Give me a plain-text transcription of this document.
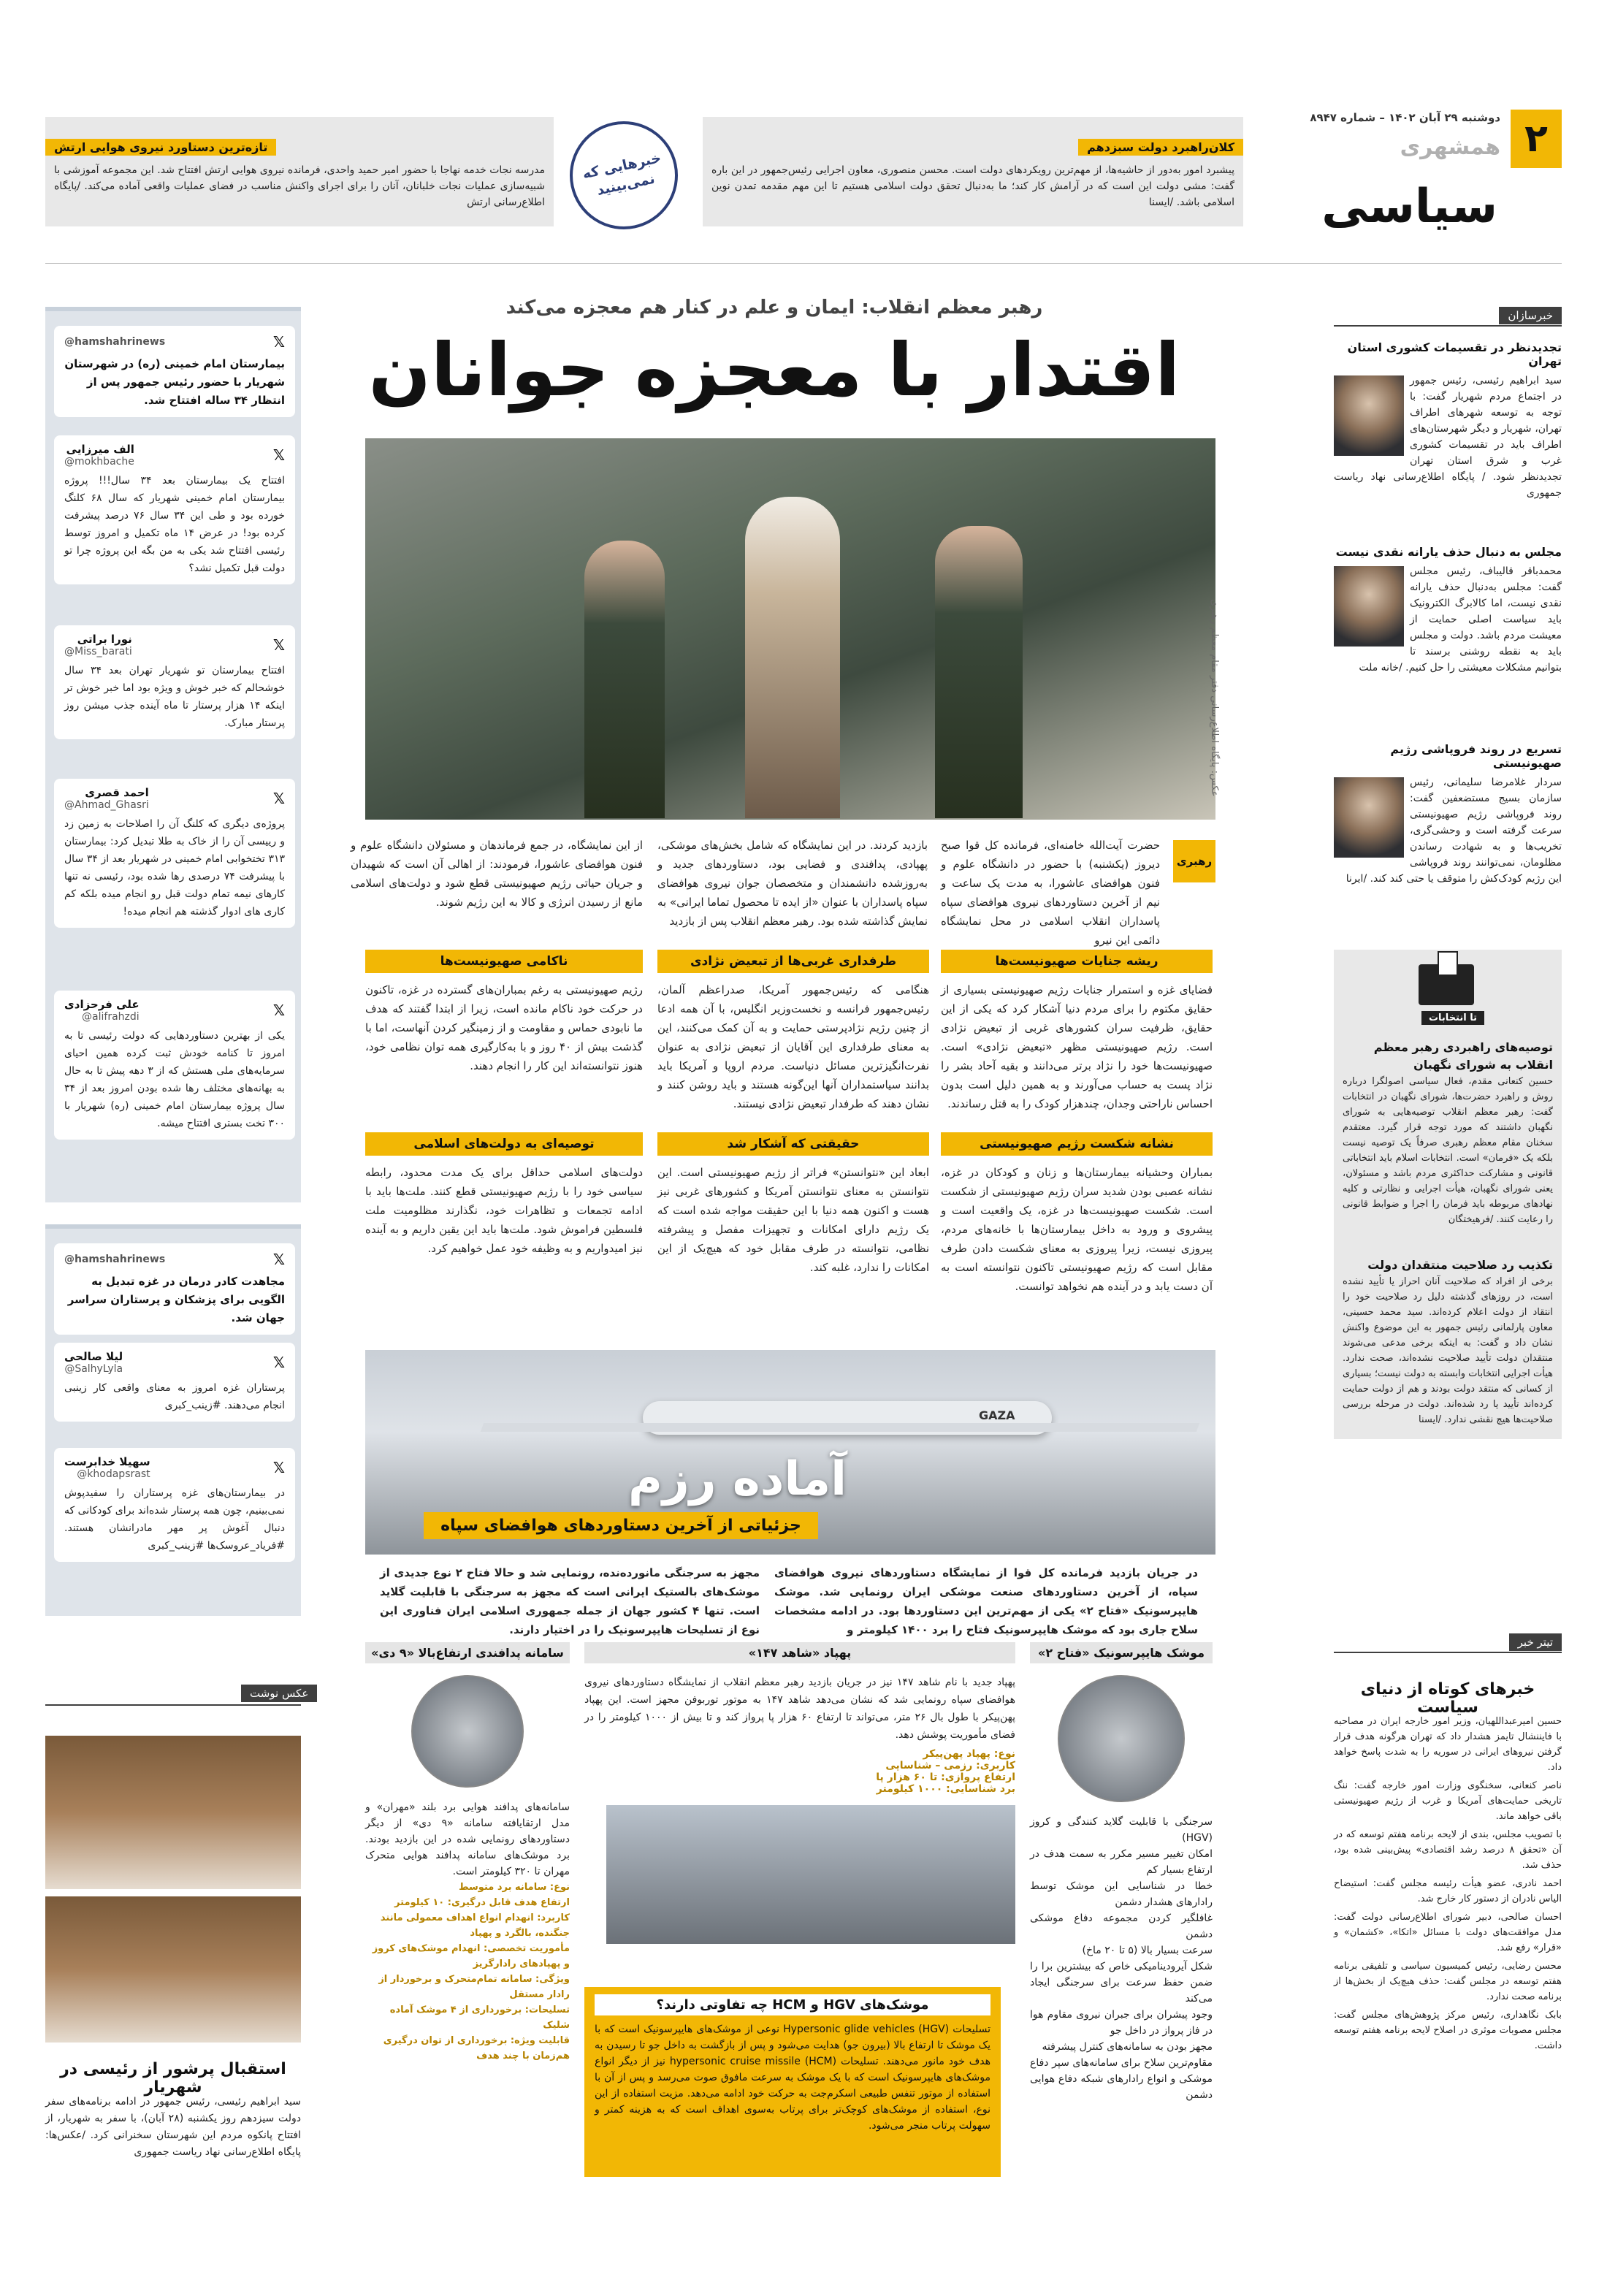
۲
دوشنبه ۲۹ آبان ۱۴۰۲ – شماره ۸۹۴۷
همشهری
سیاسی
کلان‌راهبرد دولت سبزدهم
پیشبرد امور به‌دور از حاشیه‌ها، از مهم‌ترین رویکردهای دولت است. محسن منصوری، معاون اجرایی رئیس‌جمهور در این باره گفت: مشی دولت این است که در آرامش کار کند؛ ما به‌دنبال تحقق دولت اسلامی هستیم تا این مهم مقدمه تمدن نوین اسلامی باشد. /ایسنا
خبرهایی که نمی‌بینید
تازه‌ترین دستاورد نیروی هوایی ارتش
مدرسه نجات خدمه نهاجا با حضور امیر حمید واحدی، فرمانده نیروی هوایی ارتش افتتاح شد. این مجموعه آموزشی با شبیه‌سازی عملیات نجات خلبانان، آنان را برای اجرای واکنش مناسب در فضای عملیات واقعی آماده می‌کند. /پایگاه اطلاع‌رسانی ارتش
رهبر معظم انقلاب: ایمان و علم در کنار هم معجزه می‌کند
اقتدار با معجزه جوانان
عکس: پایگاه اطلاع‌رسانی دفتر مقام معظم رهبری
رهبری
حضرت آیت‌الله خامنه‌ای، فرمانده کل قوا صبح دیروز (یکشنبه) با حضور در دانشگاه علوم و فنون هوافضای عاشورا، به مدت یک ساعت و نیم از آخرین دستاوردهای نیروی هوافضای سپاه پاسداران انقلاب اسلامی در محل نمایشگاه دائمی این نیرو
بازدید کردند. در این نمایشگاه که شامل بخش‌های موشکی، پهپادی، پدافندی و فضایی بود، دستاوردهای جدید و به‌روزشده دانشمندان و متخصصان جوان نیروی هوافضای سپاه پاسداران با عنوان «از ایده تا محصول تماما ایرانی» به نمایش گذاشته شده بود. رهبر معظم انقلاب پس از بازدید
از این نمایشگاه، در جمع فرماندهان و مسئولان دانشگاه علوم و فنون هوافضای عاشورا، فرمودند: از اهالی آن است که شهیدان و جریان حیاتی رژیم صهیونیستی قطع شود و دولت‌های اسلامی مانع از رسیدن انرژی و کالا به این رژیم شوند.
ریشه جنایات صهیونیست‌ها
قضایای غزه و استمرار جنایات رژیم صهیونیستی بسیاری از حقایق مکتوم را برای مردم دنیا آشکار کرد که یکی از این حقایق، ظرفیت سران کشورهای غربی از تبعیض نژادی است. رژیم صهیونیستی مظهر «تبعیض نژادی» است. صهیونیست‌ها خود را نژاد برتر می‌دانند و بقیه آحاد بشر را نژاد پست به حساب می‌آورند و به همین دلیل است بدون احساس ناراحتی وجدان، چندهزار کودک را به قتل رساندند.
طرفداری غربی‌ها از تبعیض نژادی
هنگامی که رئیس‌جمهور آمریکا، صدراعظم آلمان، رئیس‌جمهور فرانسه و نخست‌وزیر انگلیس، با آن همه ادعا از چنین رژیم نژادپرستی حمایت و به آن کمک می‌کنند، این به معنای طرفداری این آقایان از تبعیض نژادی به عنوان نفرت‌انگیزترین مسائل دنیاست. مردم اروپا و آمریکا باید بدانند سیاستمداران آنها این‌گونه هستند و باید روشن کنند و نشان دهند که طرفدار تبعیض نژادی نیستند.
ناکامی صهیونیست‌ها
رژیم صهیونیستی به رغم بمباران‌های گسترده در غزه، تاکنون در حرکت خود ناکام مانده است، زیرا از ابتدا گفتند که هدف ما نابودی حماس و مقاومت و از زمینگیر کردن آنهاست، اما با گذشت بیش از ۴۰ روز و با به‌کارگیری همه توان نظامی خود، هنوز نتوانسته‌اند این کار را انجام دهند.
نشانه شکست رژیم صهیونیستی
بمباران وحشیانه بیمارستان‌ها و زنان و کودکان در غزه، نشانه عصبی بودن شدید سران رژیم صهیونیستی از شکست است. شکست صهیونیست‌ها در غزه، یک واقعیت است و پیشروی و ورود به داخل بیمارستان‌ها با خانه‌های مردم، پیروزی نیست، زیرا پیروزی به معنای شکست دادن طرف مقابل است که رژیم صهیونیستی تاکنون نتوانسته است به آن دست یابد و در آینده هم نخواهد توانست.
حقیقتی که آشکار شد
ابعاد این «نتوانستن» فراتر از رژیم صهیونیستی است. این نتوانستن به معنای نتوانستن آمریکا و کشورهای غربی نیز هست و اکنون همه دنیا با این حقیقت مواجه شده است که یک رژیم دارای امکانات و تجهیزات مفصل و پیشرفته نظامی، نتوانسته در طرف مقابل خود که هیچ‌یک از این امکانات را ندارد، غلبه کند.
توصیه‌ای به دولت‌های اسلامی
دولت‌های اسلامی حداقل برای یک مدت محدود، رابطه سیاسی خود را با رژیم صهیونیستی قطع کنند. ملت‌ها باید با ادامه تجمعات و تظاهرات خود، نگذارند مظلومیت ملت فلسطین فراموش شود. ملت‌ها باید این یقین داریم و به آینده نیز امیدواریم و به وظیفه خود عمل خواهیم کرد.
GAZA
آماده رزم
جزئیاتی از آخرین دستاوردهای هوافضای سپاه
در جریان بازدید فرمانده کل قوا از نمایشگاه دستاوردهای نیروی هوافضای سپاه، از آخرین دستاوردهای صنعت موشکی ایران رونمایی شد. موشک هایپرسونیک «فتاح ۲» یکی از مهم‌ترین این دستاوردها بود. در ادامه مشخصات سلاح جاری بود که موشک هایپرسونیک فتاح را برد ۱۴۰۰ کیلومتر و
مجهز به سرجنگی مانورده‌نده، رونمایی شد و حالا فتاح ۲ نوع جدیدی از موشک‌های بالستیک ایرانی است که مجهز به سرجنگی با قابلیت گلاید است. تنها ۴ کشور جهان از جمله جمهوری اسلامی ایران فناوری این نوع از تسلیحات هایپرسونیک را در اختیار دارند.
موشک هایپرسونیک «فتاح ۲»
سرجنگی با قابلیت گلاید کنندگی و کروز (HGV)
امکان تغییر مسیر مکرر به سمت هدف در ارتفاع بسیار کم
خطا در شناسایی این موشک توسط رادارهای هشدار دشمن
غافلگیر کردن مجموعه دفاع موشکی دشمن
سرعت بسیار بالا (۵ تا ۲۰ ماخ)
شکل آیرودینامیکی خاص که بیشترین برا را ضمن حفظ سرعت برای سرجنگی ایجاد می‌کند
وجود پیشران برای جبران نیروی مقاوم هوا در فاز پرواز در داخل جو
مجهز بودن به سامانه‌های کنترل پیشرفته
مقاوم‌ترین سلاح برای سامانه‌های سپر دفاع موشکی و انواع رادارهای شبکه دفاع هوایی دشمن
پهپاد «شاهد ۱۴۷»
پهپاد جدید با نام شاهد ۱۴۷ نیز در جریان بازدید رهبر معظم انقلاب از نمایشگاه دستاوردهای نیروی هوافضای سپاه رونمایی شد که نشان می‌دهد شاهد ۱۴۷ به موتور توربوفن مجهز است. این پهپاد پهن‌پیکر با طول بال ۲۶ متر، می‌تواند تا ارتفاع ۶۰ هزار پا پرواز کند و تا بیش از ۱۰۰۰ کیلومتر را در فضای مأموریت پوشش دهد.
نوع: پهپاد پهن‌پیکر
کاربری: رزمی – شناسایی
ارتفاع پروازی: تا ۶۰ هزار پا
برد شناسایی: ۱۰۰۰ کیلومتر
سامانه پدافندی ارتفاع‌بالا «۹ دی»
سامانه‌های پدافند هوایی برد بلند «مهران» و مدل ارتقایافته سامانه «۹ دی» از دیگر دستاوردهای رونمایی شده در این بازدید بودند. برد موشک‌های سامانه پدافند هوایی متحرک مهران تا ۳۲۰ کیلومتر است.
نوع: سامانه برد متوسط
ارتفاع هدف قابل درگیری: ۱۰ کیلومتر
کاربرد: انهدام انواع اهداف معمولی مانند جنگنده، بالگرد و پهپاد
مأموریت تخصصی: انهدام موشک‌های کروز و پهپادهای رادارگریز
ویژگی: سامانه تمام‌متحرک و برخوردار از رادار مستقل
تسلیحات: برخورداری از ۴ موشک آماده شلیک
قابلیت ویژه: برخورداری از توان درگیری هم‌زمان با چند هدف
موشک‌های HGV و HCM چه تفاوتی دارند؟
تسلیحات Hypersonic glide vehicles (HGV) نوعی از موشک‌های هایپرسونیک است که با یک موشک تا ارتفاع بالا (بیرون جو) هدایت می‌شود و پس از بازگشت به داخل جو تا رسیدن به هدف خود مانور می‌دهند. تسلیحات hypersonic cruise missile (HCM) نیز از دیگر انواع موشک‌های هایپرسونیک است که با یک موشک به سرعت مافوق صوت می‌رسد و پس از آن با استفاده از موتور تنفس طبیعی اسکرم‌جت به حرکت خود ادامه می‌دهد. مزیت استفاده از این نوع، استفاده از موشک‌های کوچک‌تر برای پرتاب به‌سوی اهداف است که به هزینه کمتر و سهولت پرتاب منجر می‌شود.
خبرسازان
تجدیدنظر در تقسیمات کشوری استان تهران
سید ابراهیم رئیسی، رئیس جمهور در اجتماع مردم شهریار گفت: با توجه به توسعه شهرهای اطراف تهران، شهریار و دیگر شهرستان‌های اطراف باید در تقسیمات کشوری غرب و شرق استان تهران تجدیدنظر شود. / پایگاه اطلاع‌رسانی نهاد ریاست جمهوری
مجلس به دنبال حذف یارانه نقدی نیست
محمدباقر قالیباف، رئیس مجلس گفت: مجلس به‌دنبال حذف یارانه نقدی نیست، اما کالابرگ الکترونیک باید سیاست اصلی حمایت از معیشت مردم باشد. دولت و مجلس باید به نقطه روشنی برسند تا بتوانیم مشکلات معیشتی را حل کنیم. /خانه ملت
تسریع در روند فروپاشی رژیم صهیونیستی
سردار غلامرضا سلیمانی، رئیس سازمان بسیج مستضعفین گفت: روند فروپاشی رژیم صهیونیستی سرعت گرفته است و وحشی‌گری، تخریب‌ها و به شهادت رساندن مظلومان، نمی‌توانند روند فروپاشی این رژیم کودک‌کش را متوقف یا حتی کند کند. /ایرنا
تا انتخابات
توصیه‌های راهبردی رهبر معظم انقلاب به شورای نگهبان
حسین کنعانی مقدم، فعال سیاسی اصولگرا درباره روش و راهبرد حضرت‌ها، شورای نگهبان در انتخابات گفت: رهبر معظم انقلاب توصیه‌هایی به شورای نگهبان داشتند که مورد توجه قرار گیرد. معتقدم سخنان مقام معظم رهبری صرفاً یک توصیه نیست بلکه یک «فرمان» است. انتخابات اسلام باید انتخاباتی قانونی و مشارکت حداکثری مردم باشد و مسئولان، یعنی شورای نگهبان، هیأت اجرایی و نظارتی و کلیه نهادهای مربوطه باید فرمان را اجرا و ضوابط قانونی را رعایت کنند. /فرهیختگان
تکذیب رد صلاحیت منتقدان دولت
برخی از افراد که صلاحیت آنان احراز یا تأیید نشده است، در روزهای گذشته دلیل رد صلاحیت خود را انتقاد از دولت اعلام کرده‌اند. سید محمد حسینی، معاون پارلمانی رئیس جمهور به این موضوع واکنش نشان داد و گفت: به اینکه برخی مدعی می‌شوند منتقدان دولت تأیید صلاحیت نشده‌اند، صحت ندارد. هیأت اجرایی انتخابات وابسته به دولت نیست؛ بسیاری از کسانی که منتقد دولت بودند و هم از دولت حمایت کرده‌اند تأیید یا رد شده‌اند. دولت در مرحله بررسی صلاحیت‌ها هیچ نقشی ندارد. /ایسنا
تیتر خبر
خبرهای کوتاه از دنیای سیاست
حسین امیرعبداللهیان، وزیر امور خارجه ایران در مصاحبه با فایننشال تایمز هشدار داد که تهران هرگونه هدف قرار گرفتن نیروهای ایرانی در سوریه را به شدت پاسخ خواهد داد.
ناصر کنعانی، سخنگوی وزارت امور خارجه گفت: ننگ تاریخی حمایت‌های آمریکا و غرب از رژیم صهیونیستی باقی خواهد ماند.
با تصویب مجلس، بندی از لایحه برنامه هفتم توسعه که در آن «تحقق ۸ درصد رشد اقتصادی» پیش‌بینی شده بود، حذف شد.
احمد نادری، عضو هیأت رئیسه مجلس گفت: استیضاح الیاس نادران از دستور کار خارج شد.
احسان صالحی، دبیر شورای اطلاع‌رسانی دولت گفت: مدل موافقت‌های دولت با مسائل «اتکا»، «کشمان» و «قرار» رفع شد.
محسن رضایی، رئیس کمیسیون سیاسی و تلفیقی برنامه هفتم توسعه در مجلس گفت: حذف هیچ‌یک از بخش‌ها از برنامه صحت ندارد.
بابک نگاهداری، رئیس مرکز پژوهش‌های مجلس گفت: مجلس مصوبات موثری در اصلاح لایحه برنامه هفتم توسعه داشت.
𝕏
@hamshahrinews
بیمارستان امام خمینی (ره) در شهرستان شهریار با حضور رئیس جمهور پس از انتظار ۳۴ ساله افتتاح شد.
𝕏
الف میرزایی
@mokhbache
افتتاح یک بیمارستان بعد ۳۴ سال!!! پروژه بیمارستان امام خمینی شهریار که سال ۶۸ کلنگ خورده بود و طی این ۳۴ سال ۷۶ درصد پیشرفت کرده بود! در عرض ۱۴ ماه تکمیل و امروز توسط رئیسی افتتاح شد یکی به من بگه این پروژه چرا تو دولت قبل تکمیل نشد؟
𝕏
نورا براتی
@Miss_barati
افتتاح بیمارستان تو شهریار تهران بعد ۳۴ سال خوشحالم که خبر خوش و ویژه بود اما خبر خوش تر اینکه ۱۴ هزار پرستار تا ماه آینده جذب میشن روز پرستار مبارک.
𝕏
احمد قصری
@Ahmad_Ghasri
پروژه‌ی دیگری که کلنگ آن را اصلاحات به زمین زد و رییسی آن را از خاک به طلا تبدیل کرد: بیمارستان ۳۱۳ تختخوابی امام خمینی در شهریار بعد از ۳۴ سال با پیشرفت ۷۴ درصدی رها شده بود، رئیسی نه تنها کارهای نیمه تمام دولت قبل رو انجام میده بلکه کم کاری های ادوار گذشته هم انجام میده!
𝕏
علی فرحزادی
@alifrahzdi
یکی از بهترین دستاوردهایی که دولت رئیسی تا به امروز تا کنامه خودش ثبت کرده همین احیای سرمایه‌های ملی هستش که از ۳ دهه پیش تا به حال به بهانه‌های مختلف رها شده بودن امروز بعد از ۳۴ سال پروژه بیمارستان امام خمینی (ره) شهریار با ۳۰۰ تخت بستری افتتاح میشه.
𝕏
@hamshahrinews
مجاهدت کادر درمان در غزه تبدیل به الگویی برای پزشکان و پرستاران سراسر جهان شد.
𝕏
لیلا صالحی
@SalhyLyla
پرستاران غزه امروز به معنای واقعی کار زینبی انجام می‌دهند. #زینب_کبری
𝕏
سهیلا خدابرست
@khodapsrast
در بیمارستان‌های غزه پرستاران را سفیدپوش نمی‌بینیم، چون همه پرستار شده‌اند برای کودکانی که دنبال آغوش پر مهر مادرانشان هستند. #فریاد_عروسک‌ها #زینب_کبری
عکس نوشت
استقبال پرشور از رئیسی در شهریار
سید ابراهیم رئیسی، رئیس جمهور در ادامه برنامه‌های سفر دولت سیزدهم روز یکشنبه (۲۸ آبان)، با سفر به شهریار، از افتتاح پانکوه مردم این شهرستان سخنرانی کرد. /عکس‌ها: پایگاه اطلاع‌رسانی نهاد ریاست جمهوری
